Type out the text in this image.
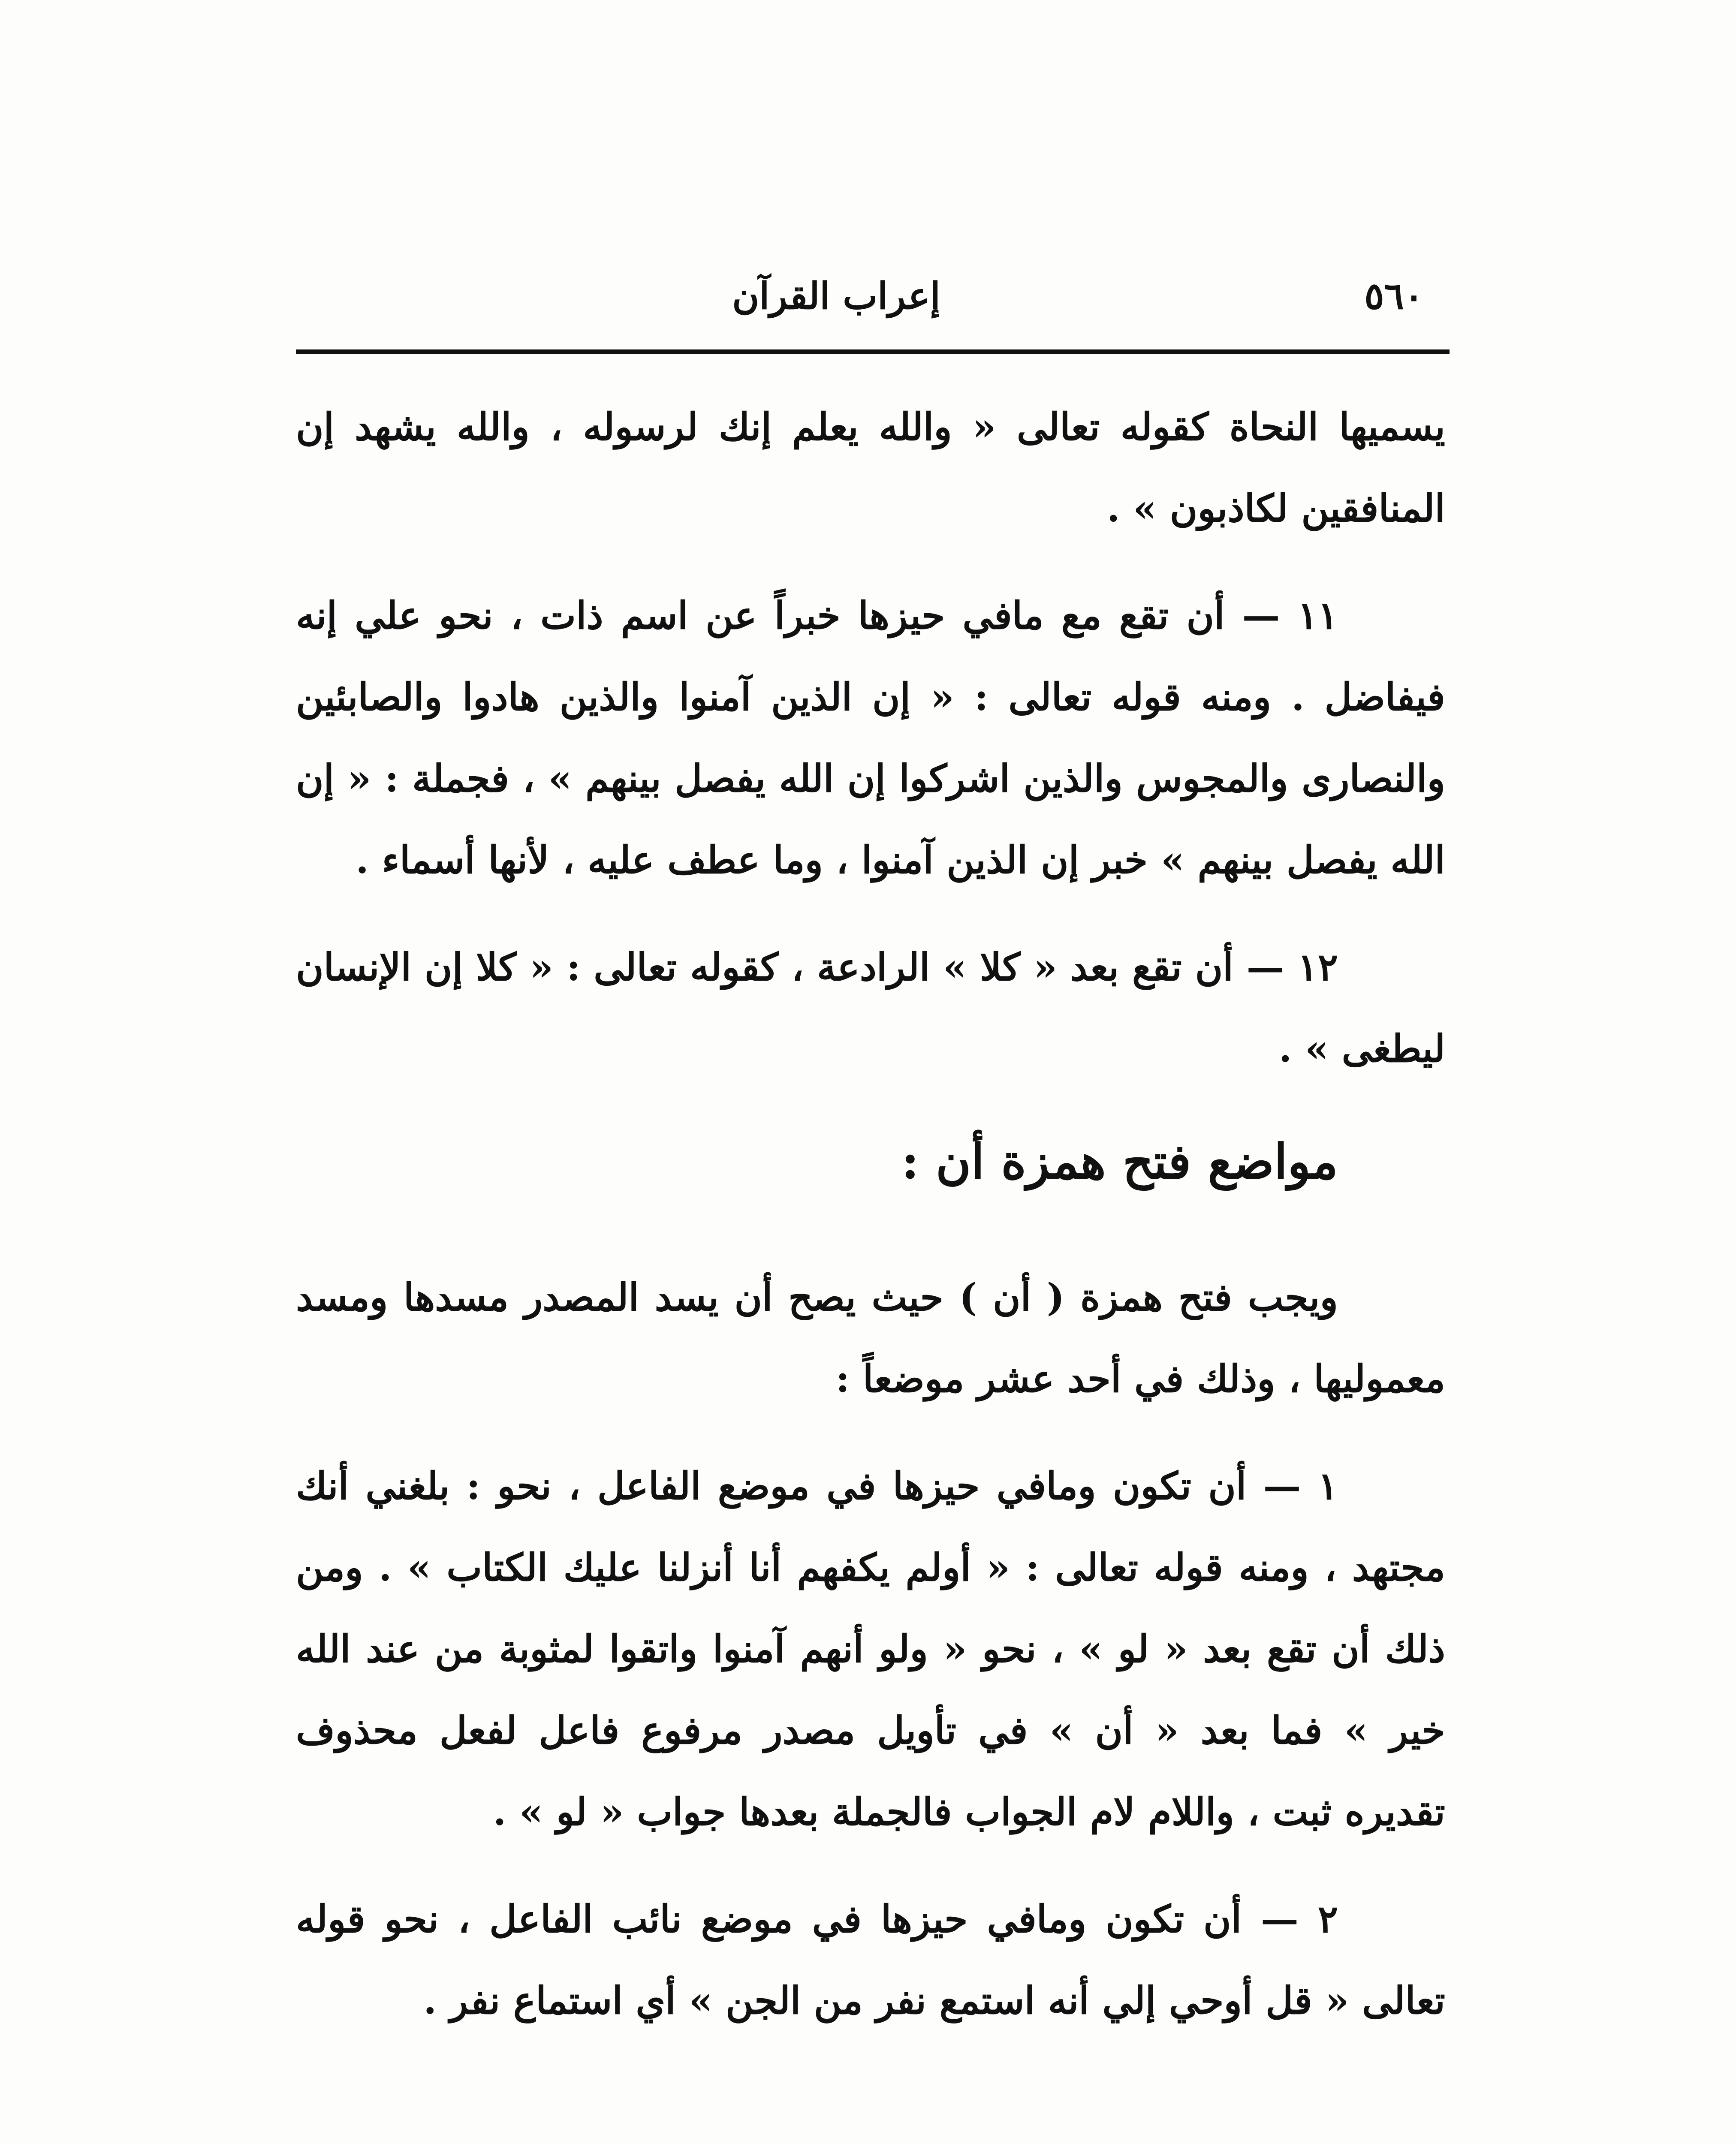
٥٦٠
إعراب القرآن

يسميها النحاة كقوله تعالى « والله يعلم إنك لرسوله ، والله يشهد إن المنافقين لكاذبون » .

١١ — أن تقع مع مافي حيزها خبراً عن اسم ذات ، نحو علي إنه فيفاضل . ومنه قوله تعالى : « إن الذين آمنوا والذين هادوا والصابئين والنصارى والمجوس والذين اشركوا إن الله يفصل بينهم » ، فجملة : « إن الله يفصل بينهم » خبر إن الذين آمنوا ، وما عطف عليه ، لأنها أسماء .

١٢ — أن تقع بعد « كلا » الرادعة ، كقوله تعالى : « كلا إن الإنسان ليطغى » .

مواضع فتح همزة أن :

ويجب فتح همزة ( أن ) حيث يصح أن يسد المصدر مسدها ومسد معموليها ، وذلك في أحد عشر موضعاً :

١ — أن تكون ومافي حيزها في موضع الفاعل ، نحو : بلغني أنك مجتهد ، ومنه قوله تعالى : « أولم يكفهم أنا أنزلنا عليك الكتاب » . ومن ذلك أن تقع بعد « لو » ، نحو « ولو أنهم آمنوا واتقوا لمثوبة من عند الله خير » فما بعد « أن » في تأويل مصدر مرفوع فاعل لفعل محذوف تقديره ثبت ، واللام لام الجواب فالجملة بعدها جواب « لو » .

٢ — أن تكون ومافي حيزها في موضع نائب الفاعل ، نحو قوله تعالى « قل أوحي إلي أنه استمع نفر من الجن » أي استماع نفر .
